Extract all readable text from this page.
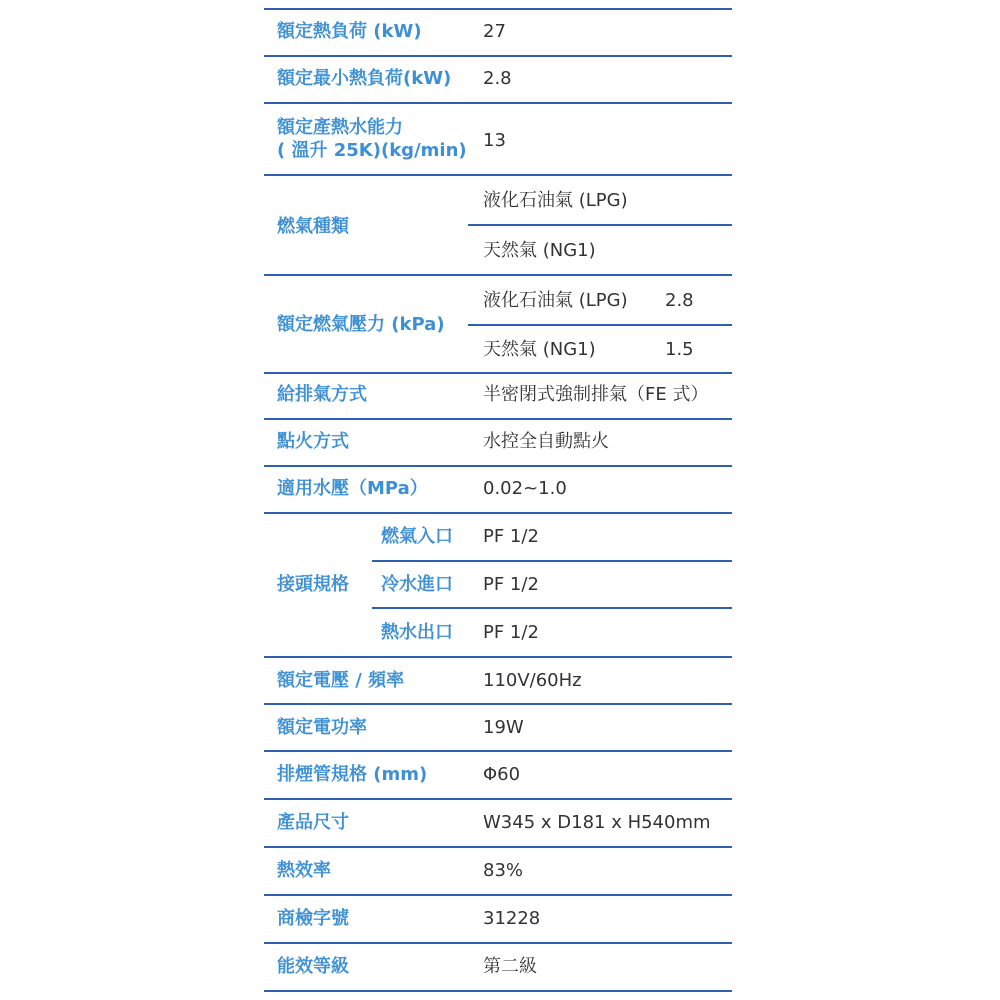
額定熱負荷 (kW)	27
額定最小熱負荷(kW) 2.8
額定產熱水能力
( 溫升 25K)(kg/min) 13
燃氣種類
液化石油氣 (LPG)
天然氣 (NG1)
額定燃氣壓力 (kPa)
液化石油氣 (LPG) 2.8
天然氣 (NG1)	1.5
給排氣方式	半密閉式強制排氣（FE 式）
點火方式	水控全自動點火
適用水壓（MPa）	0.02~1.0
接頭規格
燃氣入口 PF 1/2
冷水進口 PF 1/2
熱水出口 PF 1/2
額定電壓 / 頻率	110V/60Hz
額定電功率	19W
排煙管規格 (mm)	Φ60
產品尺寸	W345 x D181 x H540mm
熱效率	83%
商檢字號	31228
能效等級	第二級
